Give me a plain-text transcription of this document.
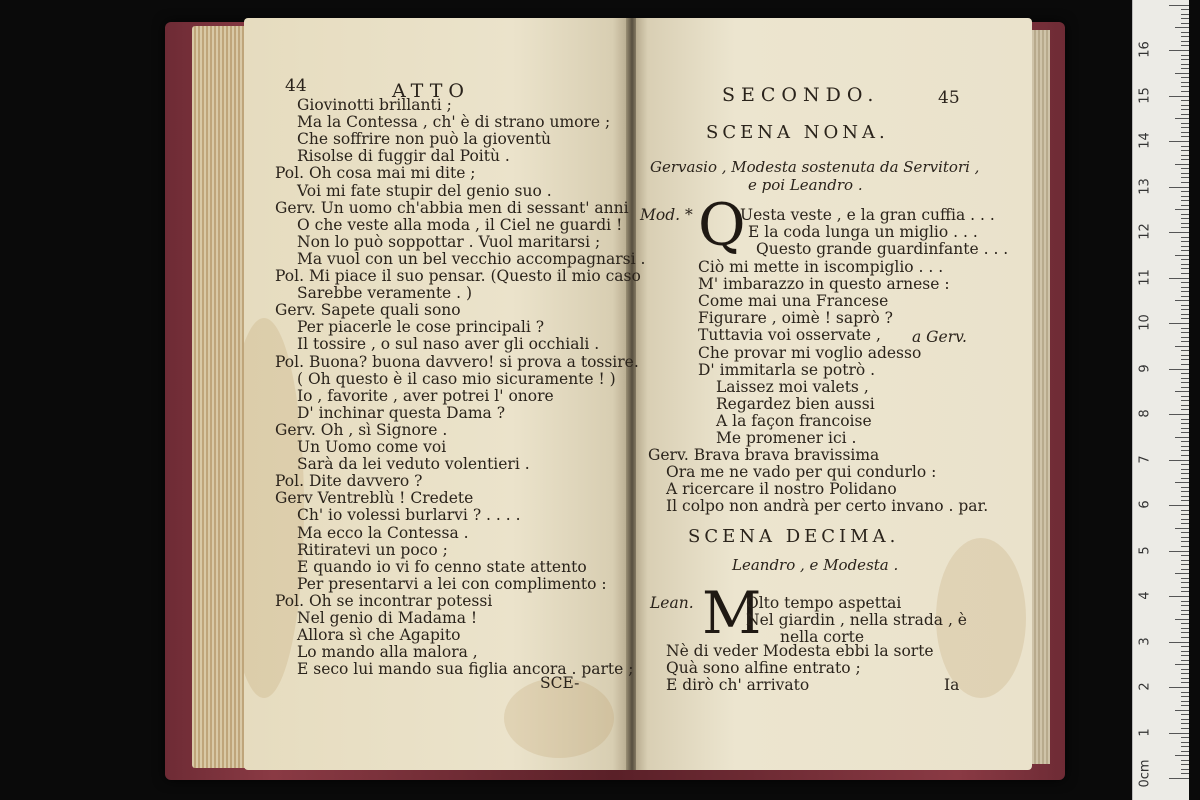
44	ATTO
Giovinotti brillanti ;
Ma la Contessa , ch' è di strano umore ;
Che soffrire non può la gioventù
Risolse di fuggir dal Poitù .
Pol. Oh cosa mai mi dite ;
Voi mi fate stupir del genio suo .
Gerv. Un uomo ch'abbia men di sessant' anni
O che veste alla moda , il Ciel ne guardi !
Non lo può soppottar . Vuol maritarsi ;
Ma vuol con un bel vecchio accompagnarsi .
Pol. Mi piace il suo pensar. (Questo il mio caso
Sarebbe veramente . )
Gerv. Sapete quali sono
Per piacerle le cose principali ?
Il tossire , o sul naso aver gli occhiali .
Pol. Buona? buona davvero! si prova a tossire.
( Oh questo è il caso mio sicuramente ! )
Io , favorite , aver potrei l' onore
D' inchinar questa Dama ?
Gerv. Oh , sì Signore .
Un Uomo come voi
Sarà da lei veduto volentieri .
Pol. Dite davvero ?
Gerv Ventreblù ! Credete
Ch' io volessi burlarvi ? . . . .
Ma ecco la Contessa .
Ritiratevi un poco ;
E quando io vi fo cenno state attento
Per presentarvi a lei con complimento :
Pol. Oh se incontrar potessi
Nel genio di Madama !
Allora sì che Agapito
Lo mando alla malora ,
E seco lui mando sua figlia ancora . parte ;
SECONDO.	45
SCENA NONA.
Gervasio , Modesta sostenuta da Servitori ,
e poi Leandro .
Mod. * Q
a Gerv.
SCENA DECIMA.
Leandro , e Modesta .
Lean. M
Ia
SCE-
Uesta veste , e la gran cuffia . . .
E la coda lunga un miglio . . .
Questo grande guardinfante . . .
Ciò mi mette in iscompiglio . . .
M' imbarazzo in questo arnese :
Come mai una Francese
Figurare , oimè ! saprò ?
Tuttavia voi osservate ,
Che provar mi voglio adesso
D' immitarla se potrò .
Laissez moi valets ,
Regardez bien aussi
A la façon francoise
Me promener ici .
Gerv. Brava brava bravissima
Ora me ne vado per qui condurlo :
A ricercare il nostro Polidano
Il colpo non andrà per certo invano . par.
Olto tempo aspettai
Nel giardin , nella strada , è
nella corte
Nè di veder Modesta ebbi la sorte
Quà sono alfine entrato ;
E dirò ch' arrivato
0cm
1
2
3
4
5
6
7
8
9
10
11
12
13
14
15
16
